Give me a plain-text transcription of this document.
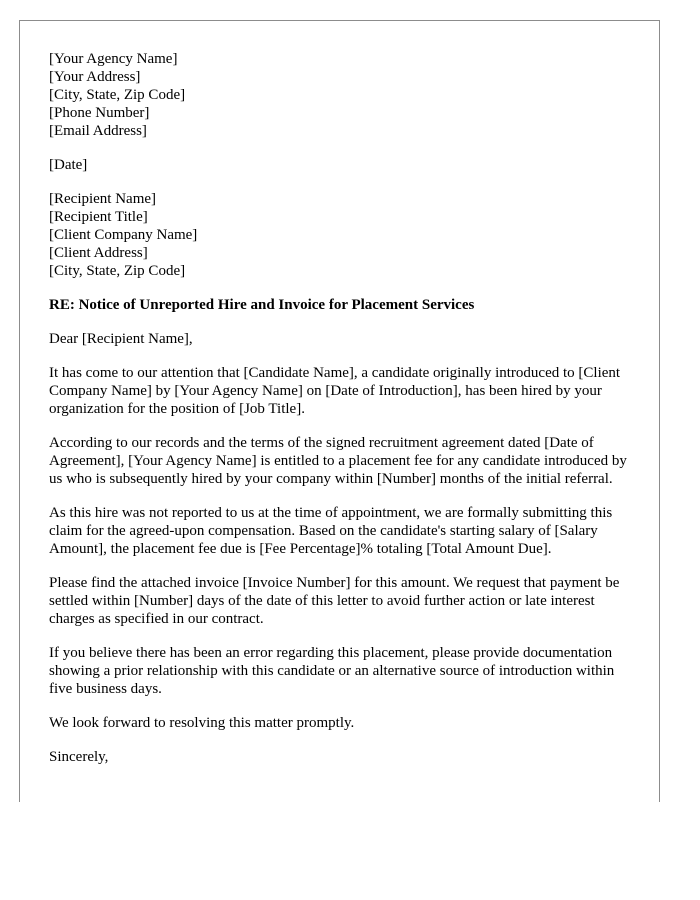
[Your Agency Name]
[Your Address]
[City, State, Zip Code]
[Phone Number]
[Email Address]
[Date]
[Recipient Name]
[Recipient Title]
[Client Company Name]
[Client Address]
[City, State, Zip Code]

RE: Notice of Unreported Hire and Invoice for Placement Services

Dear [Recipient Name],

It has come to our attention that [Candidate Name], a candidate originally introduced to [Client Company Name] by [Your Agency Name] on [Date of Introduction], has been hired by your organization for the position of [Job Title].

According to our records and the terms of the signed recruitment agreement dated [Date of Agreement], [Your Agency Name] is entitled to a placement fee for any candidate introduced by us who is subsequently hired by your company within [Number] months of the initial referral.

As this hire was not reported to us at the time of appointment, we are formally submitting this claim for the agreed-upon compensation. Based on the candidate's starting salary of [Salary Amount], the placement fee due is [Fee Percentage]% totaling [Total Amount Due].

Please find the attached invoice [Invoice Number] for this amount. We request that payment be settled within [Number] days of the date of this letter to avoid further action or late interest charges as specified in our contract.

If you believe there has been an error regarding this placement, please provide documentation showing a prior relationship with this candidate or an alternative source of introduction within five business days.

We look forward to resolving this matter promptly.

Sincerely,
